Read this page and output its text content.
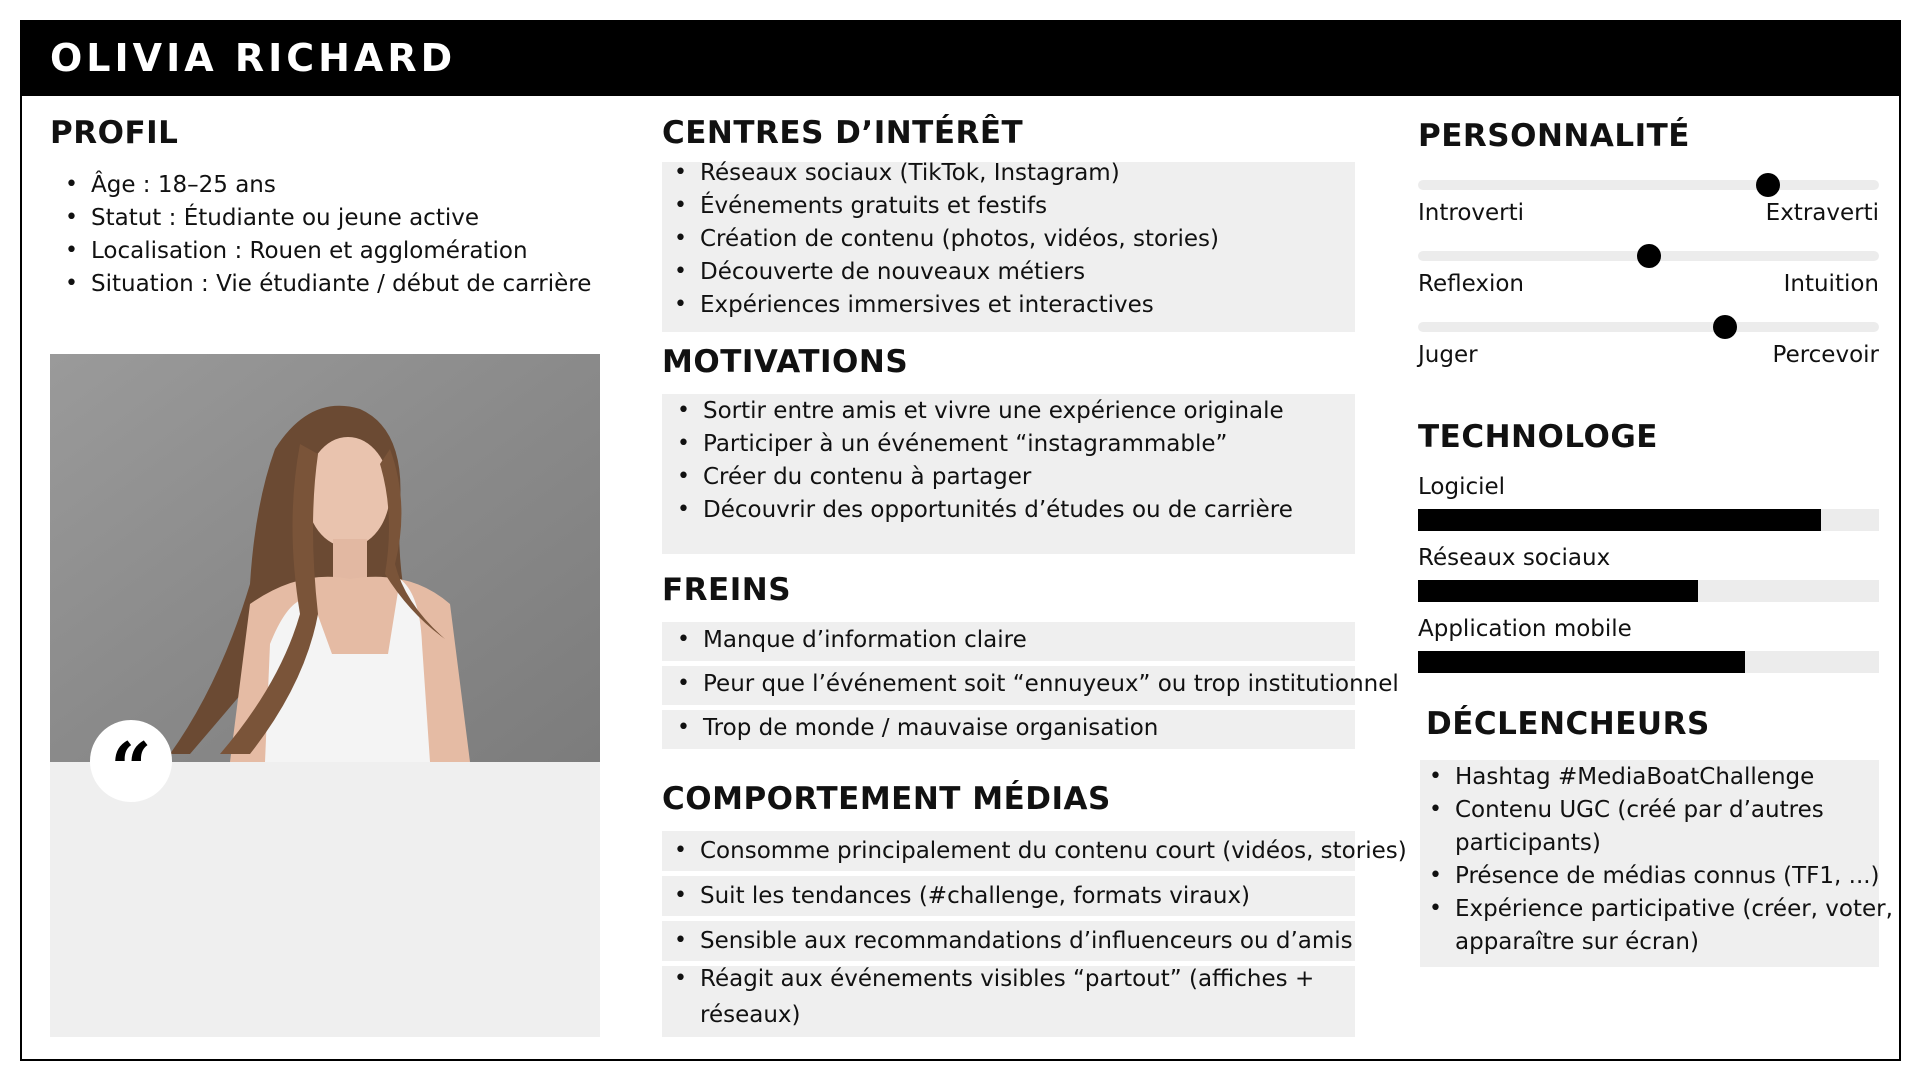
OLIVIA RICHARD
PROFIL
• Âge : 18–25 ans
• Statut : Étudiante ou jeune active
• Localisation : Rouen et agglomération
• Situation : Vie étudiante / début de carrière
“
CENTRES D’INTÉRÊT
• Réseaux sociaux (TikTok, Instagram)
• Événements gratuits et festifs
• Création de contenu (photos, vidéos, stories)
• Découverte de nouveaux métiers
• Expériences immersives et interactives
MOTIVATIONS
• Sortir entre amis et vivre une expérience originale
• Participer à un événement “instagrammable”
• Créer du contenu à partager
• Découvrir des opportunités d’études ou de carrière
FREINS
• Manque d’information claire
• Peur que l’événement soit “ennuyeux” ou trop institutionnel
• Trop de monde / mauvaise organisation
COMPORTEMENT MÉDIAS
• Consomme principalement du contenu court (vidéos, stories)
• Suit les tendances (#challenge, formats viraux)
• Sensible aux recommandations d’influenceurs ou d’amis
• Réagit aux événements visibles “partout” (affiches +
réseaux)
PERSONNALITÉ
Introverti	Extraverti
Reflexion	Intuition
Juger	Percevoir
TECHNOLOGE
Logiciel
Réseaux sociaux
Application mobile
DÉCLENCHEURS
• Hashtag #MediaBoatChallenge
• Contenu UGC (créé par d’autres
participants)
• Présence de médias connus (TF1, ...)
• Expérience participative (créer, voter,
apparaître sur écran)
